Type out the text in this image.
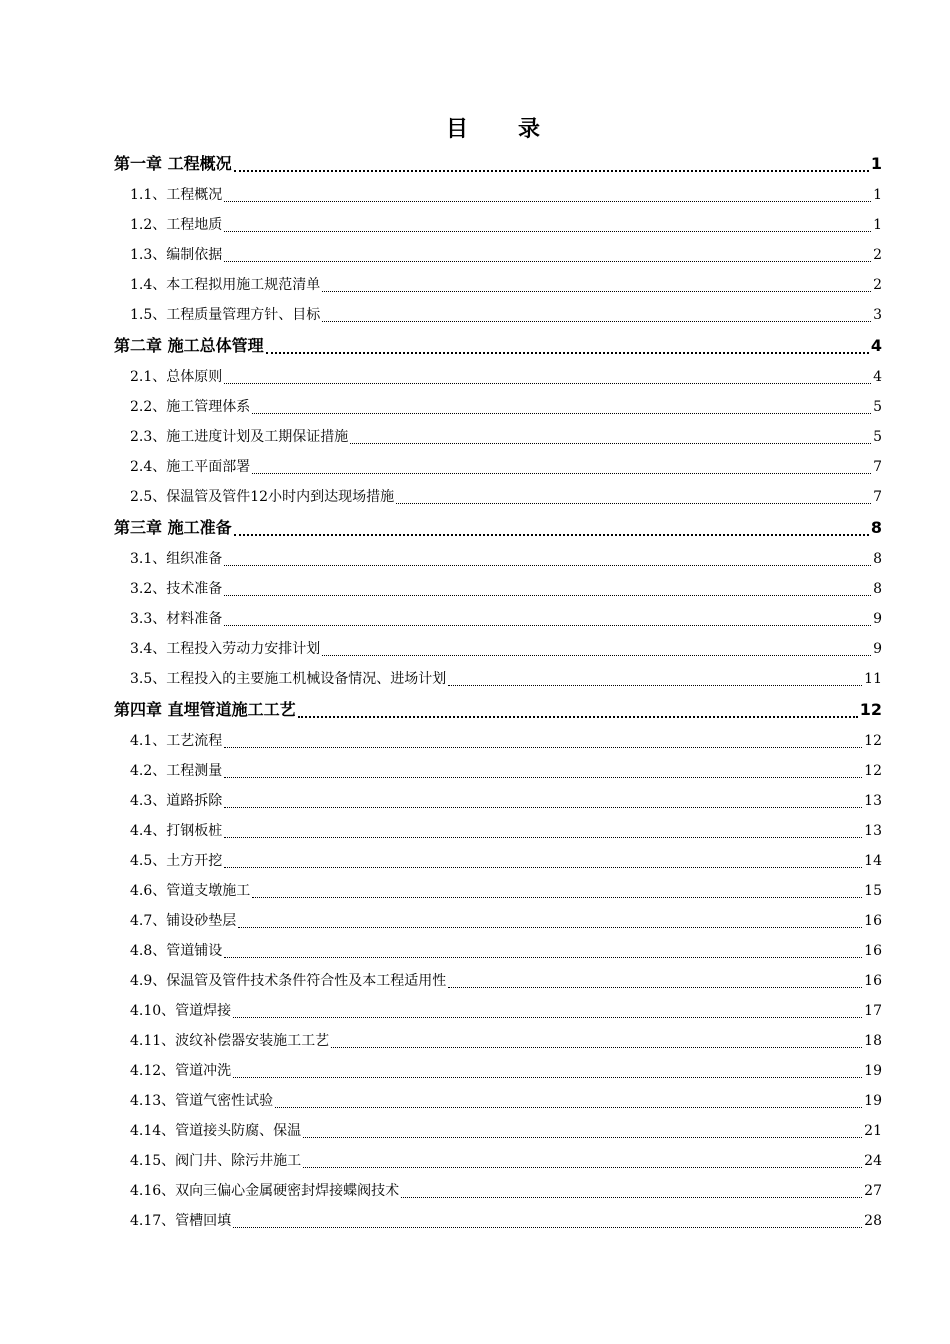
目　录
第一章 工程概况	1
1.1、工程概况	1
1.2、工程地质	1
1.3、编制依据	2
1.4、本工程拟用施工规范清单	2
1.5、工程质量管理方针、目标	3
第二章 施工总体管理	4
2.1、总体原则	4
2.2、施工管理体系	5
2.3、施工进度计划及工期保证措施	5
2.4、施工平面部署	7
2.5、保温管及管件12小时内到达现场措施	7
第三章 施工准备	8
3.1、组织准备	8
3.2、技术准备	8
3.3、材料准备	9
3.4、工程投入劳动力安排计划	9
3.5、工程投入的主要施工机械设备情况、进场计划	11
第四章 直埋管道施工工艺	12
4.1、工艺流程	12
4.2、工程测量	12
4.3、道路拆除	13
4.4、打钢板桩	13
4.5、土方开挖	14
4.6、管道支墩施工	15
4.7、铺设砂垫层	16
4.8、管道铺设	16
4.9、保温管及管件技术条件符合性及本工程适用性	16
4.10、管道焊接	17
4.11、波纹补偿器安装施工工艺	18
4.12、管道冲洗	19
4.13、管道气密性试验	19
4.14、管道接头防腐、保温	21
4.15、阀门井、除污井施工	24
4.16、双向三偏心金属硬密封焊接蝶阀技术	27
4.17、管槽回填	28
